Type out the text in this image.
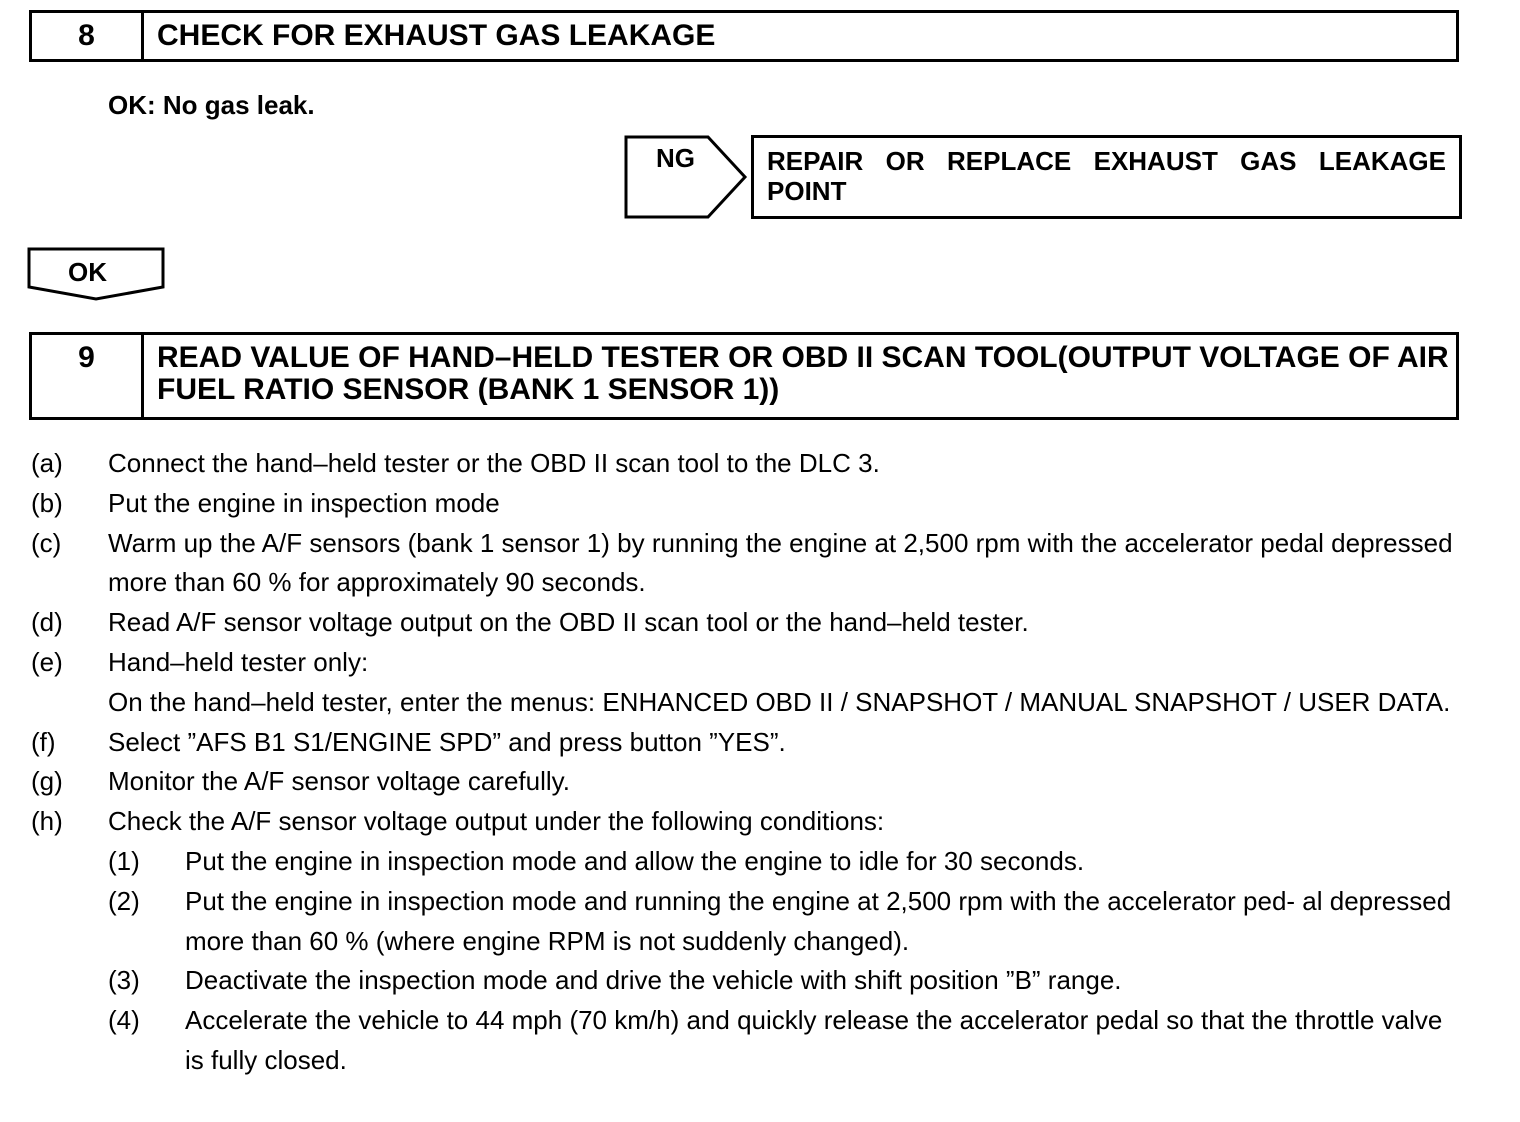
8	CHECK FOR EXHAUST GAS LEAKAGE
OK: No gas leak.
NG	REPAIR OR REPLACE EXHAUST GAS LEAKAGE POINT
OK
9	READ VALUE OF HAND–HELD TESTER OR OBD II SCAN TOOL(OUTPUT VOLTAGE OF AIR FUEL RATIO SENSOR (BANK 1 SENSOR 1))
(a)	Connect the hand–held tester or the OBD II scan tool to the DLC 3.
(b)	Put the engine in inspection mode
(c)	Warm up the A/F sensors (bank 1 sensor 1) by running the engine at 2,500 rpm with the accelerator pedal depressed more than 60 % for approximately 90 seconds.
(d)	Read A/F sensor voltage output on the OBD II scan tool or the hand–held tester.
(e)	Hand–held tester only:
On the hand–held tester, enter the menus: ENHANCED OBD II / SNAPSHOT / MANUAL SNAPSHOT / USER DATA.
(f)	Select ”AFS B1 S1/ENGINE SPD” and press button ”YES”.
(g)	Monitor the A/F sensor voltage carefully.
(h)	Check the A/F sensor voltage output under the following conditions:
(1)	Put the engine in inspection mode and allow the engine to idle for 30 seconds.
(2)	Put the engine in inspection mode and running the engine at 2,500 rpm with the accelerator ped- al depressed more than 60 % (where engine RPM is not suddenly changed).
(3)	Deactivate the inspection mode and drive the vehicle with shift position ”B” range.
(4)	Accelerate the vehicle to 44 mph (70 km/h) and quickly release the accelerator pedal so that the throttle valve is fully closed.
